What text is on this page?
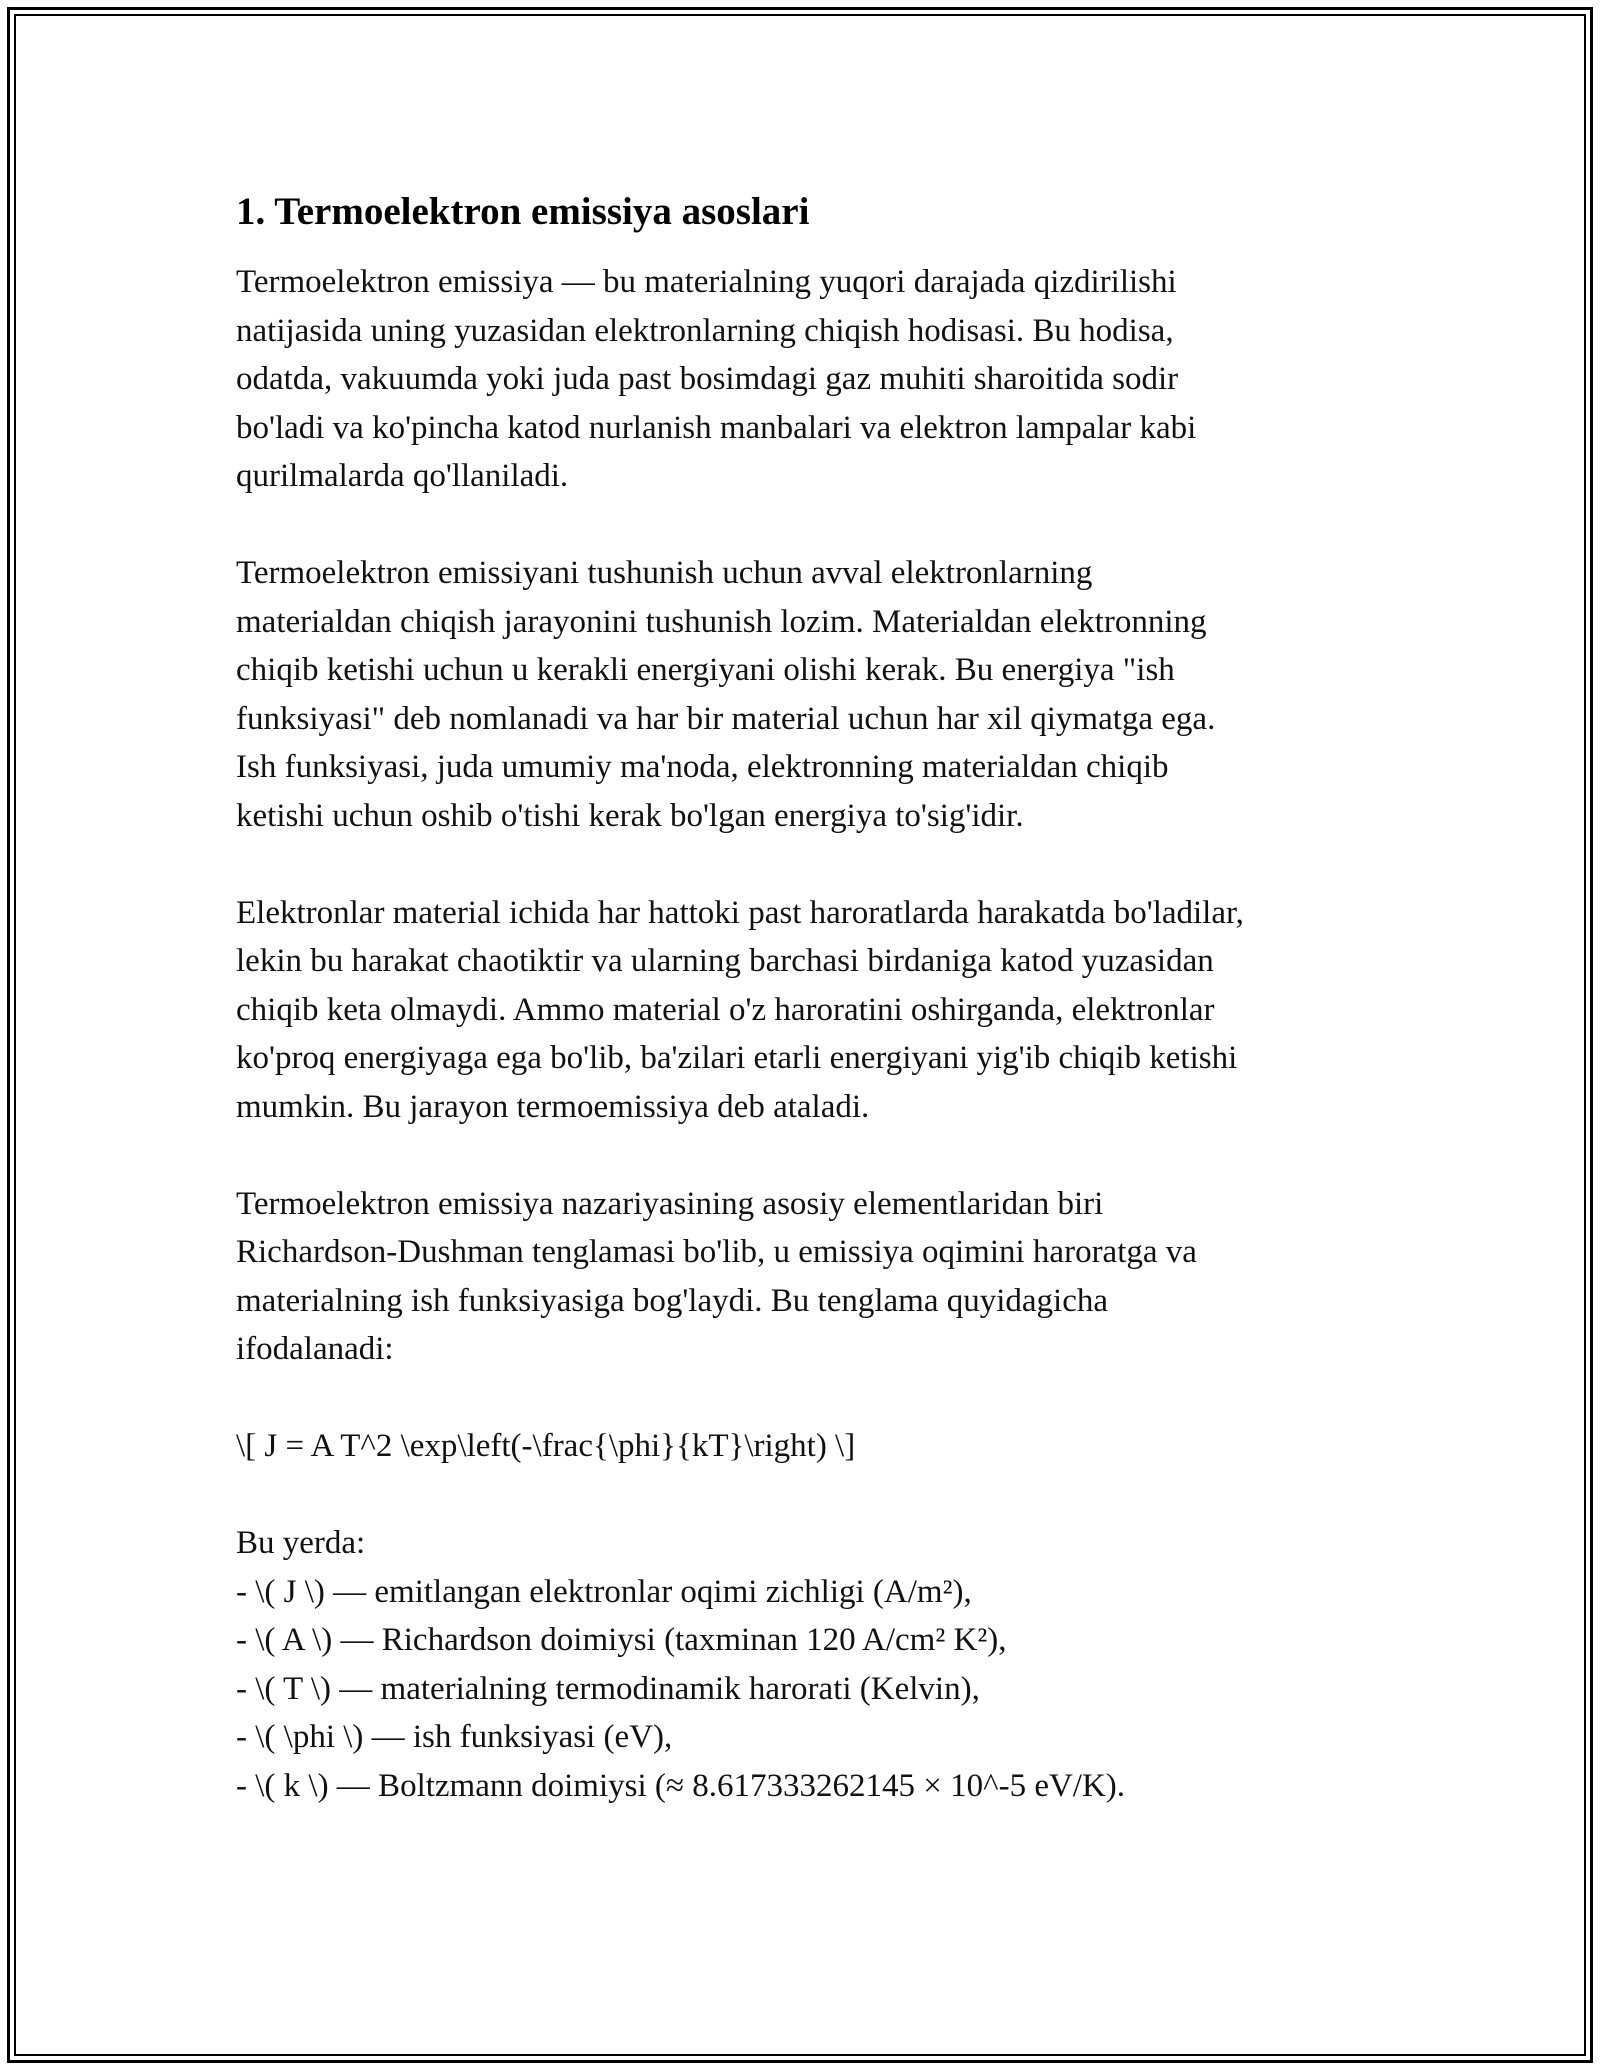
1. Termoelektron emissiya asoslari

Termoelektron emissiya — bu materialning yuqori darajada qizdirilishi
natijasida uning yuzasidan elektronlarning chiqish hodisasi. Bu hodisa,
odatda, vakuumda yoki juda past bosimdagi gaz muhiti sharoitida sodir
bo'ladi va ko'pincha katod nurlanish manbalari va elektron lampalar kabi
qurilmalarda qo'llaniladi.

Termoelektron emissiyani tushunish uchun avval elektronlarning
materialdan chiqish jarayonini tushunish lozim. Materialdan elektronning
chiqib ketishi uchun u kerakli energiyani olishi kerak. Bu energiya "ish
funksiyasi" deb nomlanadi va har bir material uchun har xil qiymatga ega.
Ish funksiyasi, juda umumiy ma'noda, elektronning materialdan chiqib
ketishi uchun oshib o'tishi kerak bo'lgan energiya to'sig'idir.

Elektronlar material ichida har hattoki past haroratlarda harakatda bo'ladilar,
lekin bu harakat chaotiktir va ularning barchasi birdaniga katod yuzasidan
chiqib keta olmaydi. Ammo material o'z haroratini oshirganda, elektronlar
ko'proq energiyaga ega bo'lib, ba'zilari etarli energiyani yig'ib chiqib ketishi
mumkin. Bu jarayon termoemissiya deb ataladi.

Termoelektron emissiya nazariyasining asosiy elementlaridan biri
Richardson-Dushman tenglamasi bo'lib, u emissiya oqimini haroratga va
materialning ish funksiyasiga bog'laydi. Bu tenglama quyidagicha
ifodalanadi:

\[ J = A T^2 \exp\left(-\frac{\phi}{kT}\right) \]

Bu yerda:

- \( J \) — emitlangan elektronlar oqimi zichligi (A/m²),
- \( A \) — Richardson doimiysi (taxminan 120 A/cm² K²),
- \( T \) — materialning termodinamik harorati (Kelvin),
- \( \phi \) — ish funksiyasi (eV),
- \( k \) — Boltzmann doimiysi (≈ 8.617333262145 × 10^-5 eV/K).
